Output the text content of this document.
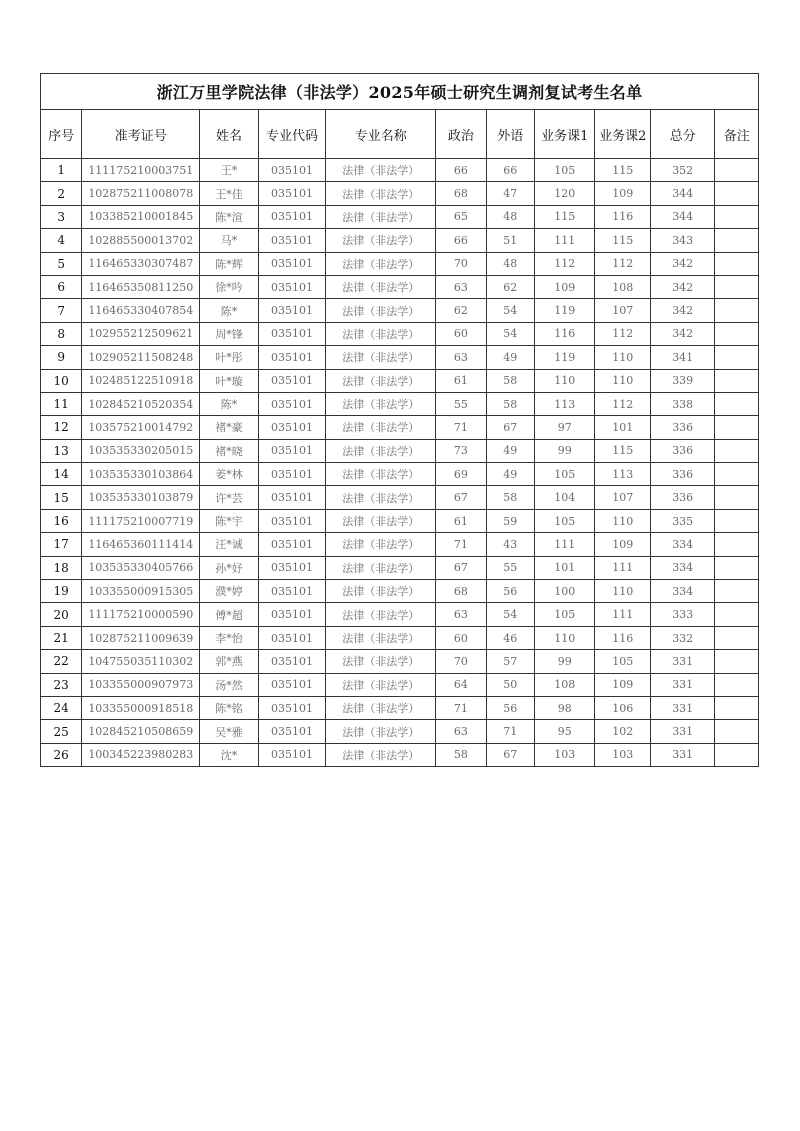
浙江万里学院法律（非法学）2025年硕士研究生调剂复试考生名单										
序号	准考证号	姓名	专业代码	专业名称	政治	外语	业务课1	业务课2	总分	备注
1	111175210003751	王*	035101	法律（非法学）	66	66	105	115	352	
2	102875211008078	王*佳	035101	法律（非法学）	68	47	120	109	344	
3	103385210001845	陈*渲	035101	法律（非法学）	65	48	115	116	344	
4	102885500013702	马*	035101	法律（非法学）	66	51	111	115	343	
5	116465330307487	陈*辉	035101	法律（非法学）	70	48	112	112	342	
6	116465350811250	徐*吟	035101	法律（非法学）	63	62	109	108	342	
7	116465330407854	陈*	035101	法律（非法学）	62	54	119	107	342	
8	102955212509621	周*锋	035101	法律（非法学）	60	54	116	112	342	
9	102905211508248	叶*彤	035101	法律（非法学）	63	49	119	110	341	
10	102485122510918	叶*璇	035101	法律（非法学）	61	58	110	110	339	
11	102845210520354	陈*	035101	法律（非法学）	55	58	113	112	338	
12	103575210014792	褚*豪	035101	法律（非法学）	71	67	97	101	336	
13	103535330205015	褚*晓	035101	法律（非法学）	73	49	99	115	336	
14	103535330103864	姜*林	035101	法律（非法学）	69	49	105	113	336	
15	103535330103879	许*芸	035101	法律（非法学）	67	58	104	107	336	
16	111175210007719	陈*宇	035101	法律（非法学）	61	59	105	110	335	
17	116465360111414	汪*诚	035101	法律（非法学）	71	43	111	109	334	
18	103535330405766	孙*妤	035101	法律（非法学）	67	55	101	111	334	
19	103355000915305	濮*婷	035101	法律（非法学）	68	56	100	110	334	
20	111175210000590	傅*超	035101	法律（非法学）	63	54	105	111	333	
21	102875211009639	李*怡	035101	法律（非法学）	60	46	110	116	332	
22	104755035110302	郭*燕	035101	法律（非法学）	70	57	99	105	331	
23	103355000907973	汤*然	035101	法律（非法学）	64	50	108	109	331	
24	103355000918518	陈*铭	035101	法律（非法学）	71	56	98	106	331	
25	102845210508659	吴*雅	035101	法律（非法学）	63	71	95	102	331	
26	100345223980283	沈*	035101	法律（非法学）	58	67	103	103	331	
